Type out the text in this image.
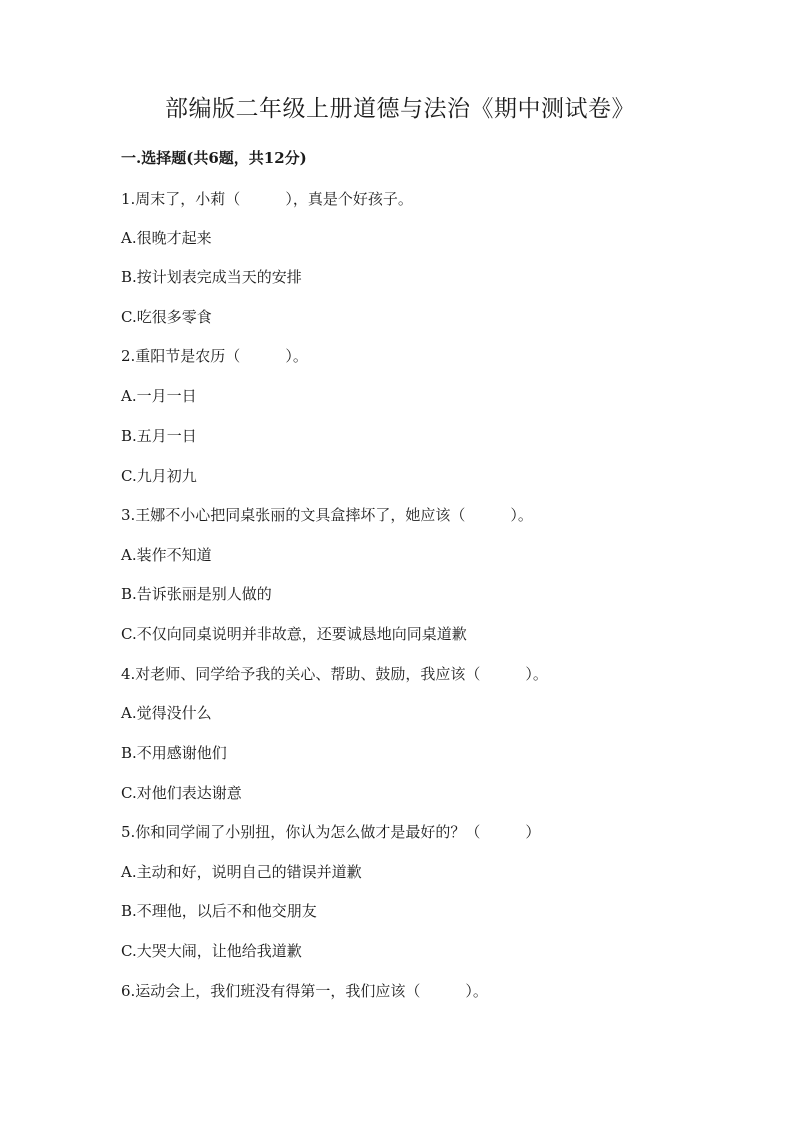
部编版二年级上册道德与法治《期中测试卷》
一.选择题(共6题，共12分)
1.周末了，小莉（　　　），真是个好孩子。
A.很晚才起来
B.按计划表完成当天的安排
C.吃很多零食
2.重阳节是农历（　　　）。
A.一月一日
B.五月一日
C.九月初九
3.王娜不小心把同桌张丽的文具盒摔坏了，她应该（　　　）。
A.装作不知道
B.告诉张丽是别人做的
C.不仅向同桌说明并非故意，还要诚恳地向同桌道歉
4.对老师、同学给予我的关心、帮助、鼓励，我应该（　　　）。
A.觉得没什么
B.不用感谢他们
C.对他们表达谢意
5.你和同学闹了小别扭，你认为怎么做才是最好的？（　　　）
A.主动和好，说明自己的错误并道歉
B.不理他，以后不和他交朋友
C.大哭大闹，让他给我道歉
6.运动会上，我们班没有得第一，我们应该（　　　）。
